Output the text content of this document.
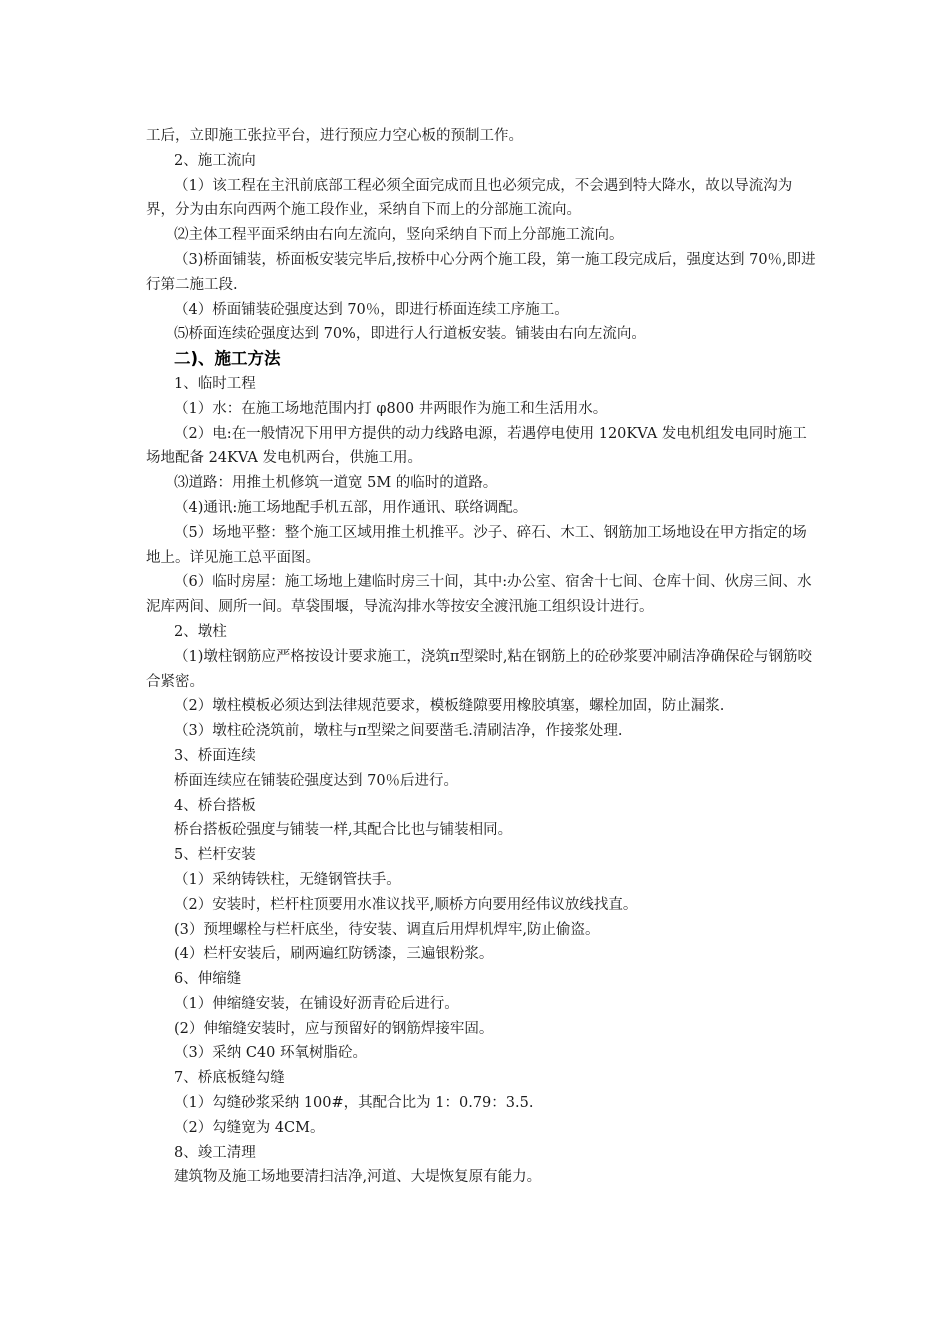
工后，立即施工张拉平台，进行预应力空心板的预制工作。

2、施工流向

（1）该工程在主汛前底部工程必须全面完成而且也必须完成，不会遇到特大降水，故以导流沟为界，分为由东向西两个施工段作业，采纳自下而上的分部施工流向。

⑵主体工程平面采纳由右向左流向，竖向采纳自下而上分部施工流向。

（3)桥面铺装，桥面板安装完毕后,按桥中心分两个施工段，第一施工段完成后，强度达到 70％,即进行第二施工段.

（4）桥面铺装砼强度达到 70％，即进行桥面连续工序施工。

⑸桥面连续砼强度达到 70%，即进行人行道板安装。铺装由右向左流向。

二)、施工方法

1、临时工程

（1）水：在施工场地范围内打 φ800 井两眼作为施工和生活用水。

（2）电:在一般情况下用甲方提供的动力线路电源，若遇停电使用 120KVA 发电机组发电同时施工场地配备 24KVA 发电机两台，供施工用。

⑶道路：用推土机修筑一道宽 5M 的临时的道路。

（4)通讯:施工场地配手机五部，用作通讯、联络调配。

（5）场地平整：整个施工区域用推土机推平。沙子、碎石、木工、钢筋加工场地设在甲方指定的场地上。详见施工总平面图。

（6）临时房屋：施工场地上建临时房三十间，其中:办公室、宿舍十七间、仓库十间、伙房三间、水泥库两间、厕所一间。草袋围堰，导流沟排水等按安全渡汛施工组织设计进行。

2、墩柱

（1)墩柱钢筋应严格按设计要求施工，浇筑π型梁时,粘在钢筋上的砼砂浆要冲刷洁净确保砼与钢筋咬合紧密。

（2）墩柱模板必须达到法律规范要求，模板缝隙要用橡胶填塞，螺栓加固，防止漏浆.

（3）墩柱砼浇筑前，墩柱与π型梁之间要凿毛.清刷洁净，作接浆处理.

3、桥面连续

桥面连续应在铺装砼强度达到 70％后进行。

4、桥台搭板

桥台搭板砼强度与铺装一样,其配合比也与铺装相同。

5、栏杆安装

（1）采纳铸铁柱，无缝钢管扶手。

（2）安装时，栏杆柱顶要用水准议找平,顺桥方向要用经伟议放线找直。

(3）预埋螺栓与栏杆底坐，待安装、调直后用焊机焊牢,防止偷盗。

(4）栏杆安装后，刷两遍红防锈漆，三遍银粉浆。

6、伸缩缝

（1）伸缩缝安装，在铺设好沥青砼后进行。

(2）伸缩缝安装时，应与预留好的钢筋焊接牢固。

（3）采纳 C40 环氧树脂砼。

7、桥底板缝勾缝

（1）勾缝砂浆采纳 100#，其配合比为 1：0.79：3.5.

（2）勾缝宽为 4CM。

8、竣工清理

建筑物及施工场地要清扫洁净,河道、大堤恢复原有能力。
